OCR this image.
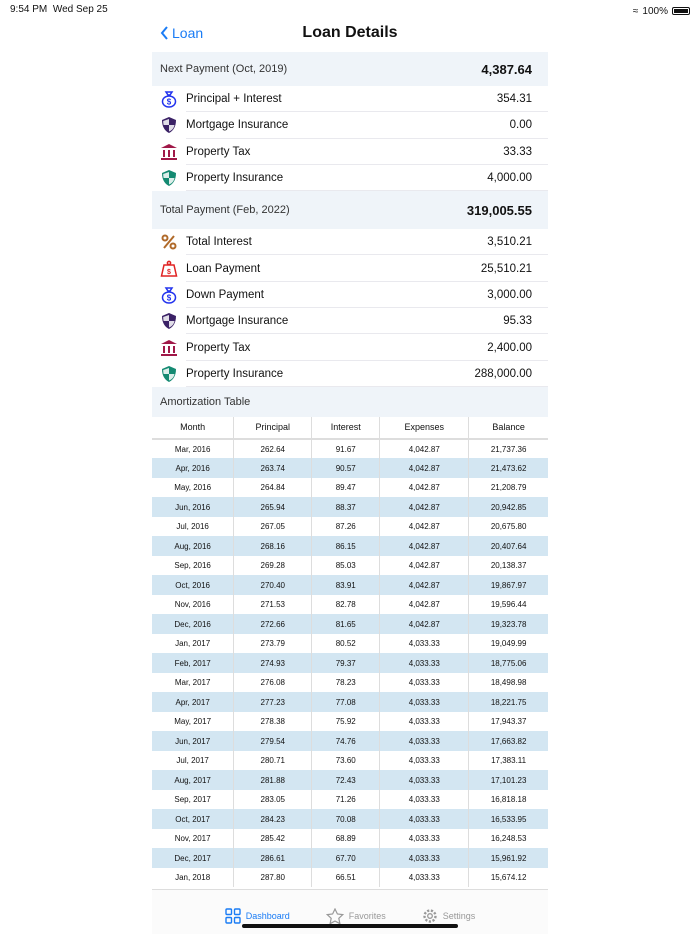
9:54 PM Wed Sep 25	≈ 100%
Loan	Loan Details
Next Payment (Oct, 2019)	4,387.64
$ Principal + Interest	354.31
Mortgage Insurance	0.00
Property Tax	33.33
Property Insurance	4,000.00
Total Payment (Feb, 2022)	319,005.55
Total Interest	3,510.21
$ Loan Payment	25,510.21
$ Down Payment	3,000.00
Mortgage Insurance	95.33
Property Tax	2,400.00
Property Insurance	288,000.00
Amortization Table
Month	Principal	Interest	Expenses	Balance
Mar, 2016	262.64	91.67	4,042.87	21,737.36
Apr, 2016	263.74	90.57	4,042.87	21,473.62
May, 2016	264.84	89.47	4,042.87	21,208.79
Jun, 2016	265.94	88.37	4,042.87	20,942.85
Jul, 2016	267.05	87.26	4,042.87	20,675.80
Aug, 2016	268.16	86.15	4,042.87	20,407.64
Sep, 2016	269.28	85.03	4,042.87	20,138.37
Oct, 2016	270.40	83.91	4,042.87	19,867.97
Nov, 2016	271.53	82.78	4,042.87	19,596.44
Dec, 2016	272.66	81.65	4,042.87	19,323.78
Jan, 2017	273.79	80.52	4,033.33	19,049.99
Feb, 2017	274.93	79.37	4,033.33	18,775.06
Mar, 2017	276.08	78.23	4,033.33	18,498.98
Apr, 2017	277.23	77.08	4,033.33	18,221.75
May, 2017	278.38	75.92	4,033.33	17,943.37
Jun, 2017	279.54	74.76	4,033.33	17,663.82
Jul, 2017	280.71	73.60	4,033.33	17,383.11
Aug, 2017	281.88	72.43	4,033.33	17,101.23
Sep, 2017	283.05	71.26	4,033.33	16,818.18
Oct, 2017	284.23	70.08	4,033.33	16,533.95
Nov, 2017	285.42	68.89	4,033.33	16,248.53
Dec, 2017	286.61	67.70	4,033.33	15,961.92
Jan, 2018	287.80	66.51	4,033.33	15,674.12
Dashboard	Favorites	Settings
